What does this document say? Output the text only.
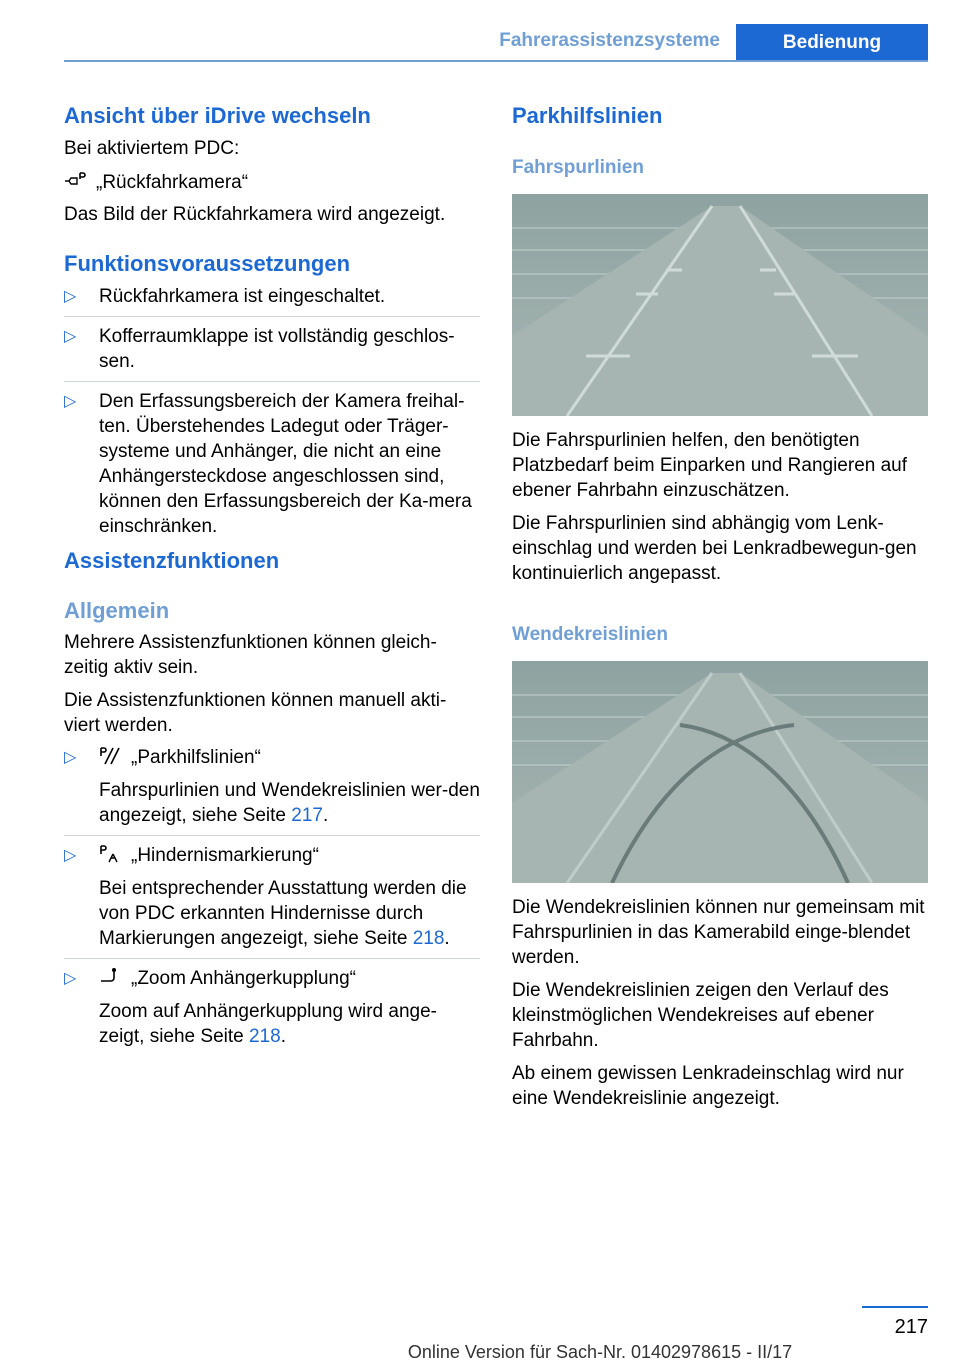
Fahrerassistenzsysteme	Bedienung
Ansicht über iDrive wechseln

Bei aktiviertem PDC:

„Rückfahrkamera“

Das Bild der Rückfahrkamera wird angezeigt.

Funktionsvoraussetzungen
▷ Rückfahrkamera ist eingeschaltet.
▷ Kofferraumklappe ist vollständig geschlos-sen.
▷ Den Erfassungsbereich der Kamera freihal-ten. Überstehendes Ladegut oder Träger-systeme und Anhänger, die nicht an eine Anhängersteckdose angeschlossen sind, können den Erfassungsbereich der Ka-mera einschränken.
Assistenzfunktionen
Allgemein

Mehrere Assistenzfunktionen können gleich-zeitig aktiv sein.

Die Assistenzfunktionen können manuell akti-viert werden.

▷	„Parkhilfslinien“
Fahrspurlinien und Wendekreislinien wer-den angezeigt, siehe Seite 217.
▷	„Hindernismarkierung“
Bei entsprechender Ausstattung werden die von PDC erkannten Hindernisse durch Markierungen angezeigt, siehe Seite 218.
▷	„Zoom Anhängerkupplung“
Zoom auf Anhängerkupplung wird ange-zeigt, siehe Seite 218.
Parkhilfslinien
Fahrspurlinien

Die Fahrspurlinien helfen, den benötigten Platzbedarf beim Einparken und Rangieren auf ebener Fahrbahn einzuschätzen.

Die Fahrspurlinien sind abhängig vom Lenk-einschlag und werden bei Lenkradbewegun-gen kontinuierlich angepasst.

Wendekreislinien

Die Wendekreislinien können nur gemeinsam mit Fahrspurlinien in das Kamerabild einge-blendet werden.

Die Wendekreislinien zeigen den Verlauf des kleinstmöglichen Wendekreises auf ebener Fahrbahn.

Ab einem gewissen Lenkradeinschlag wird nur eine Wendekreislinie angezeigt.

217
Online Version für Sach-Nr. 01402978615 - II/17
